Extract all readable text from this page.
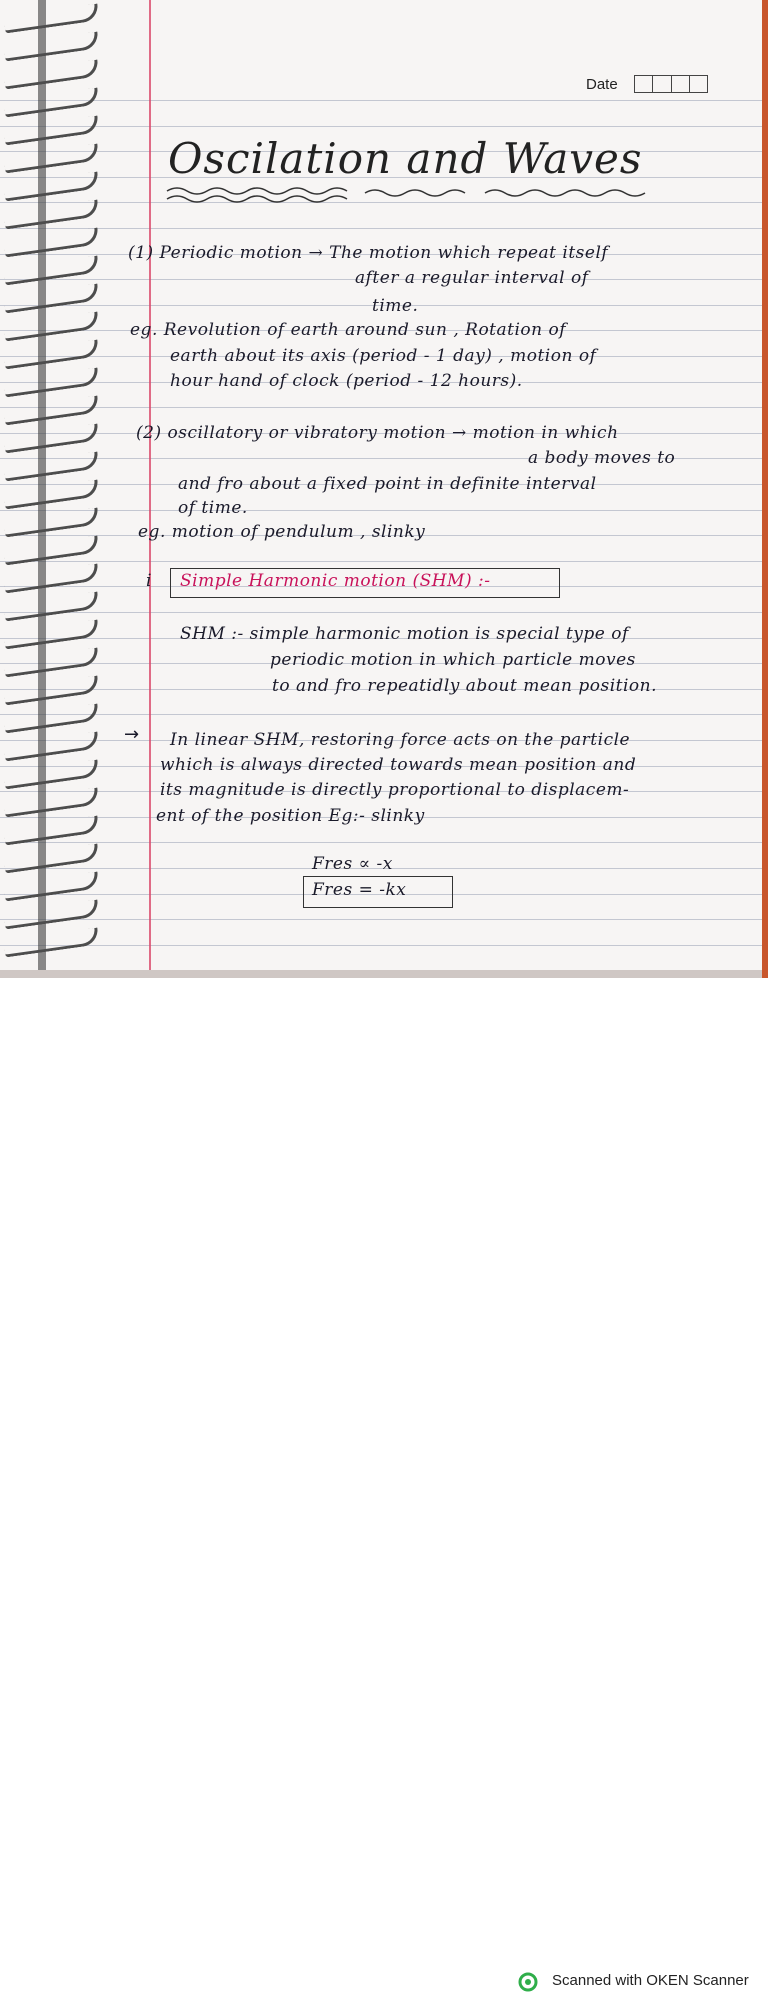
Date
Oscilation and Waves
(1) Periodic motion → The motion which repeat itself
after a regular interval of
time.
eg. Revolution of earth around sun , Rotation of
earth about its axis (period - 1 day) , motion of
hour hand of clock (period - 12 hours).
(2) oscillatory or vibratory motion → motion in which
a body moves to
and fro about a fixed point in definite interval
of time.
eg. motion of pendulum , slinky
i Simple Harmonic motion (SHM) :-
SHM :- simple harmonic motion is special type of
periodic motion in which particle moves
to and fro repeatidly about mean position.
→ In linear SHM, restoring force acts on the particle
which is always directed towards mean position and
its magnitude is directly proportional to displacem-
ent of the position Eg:- slinky
Fres ∝ -x
Fres = -kx
Scanned with OKEN Scanner
